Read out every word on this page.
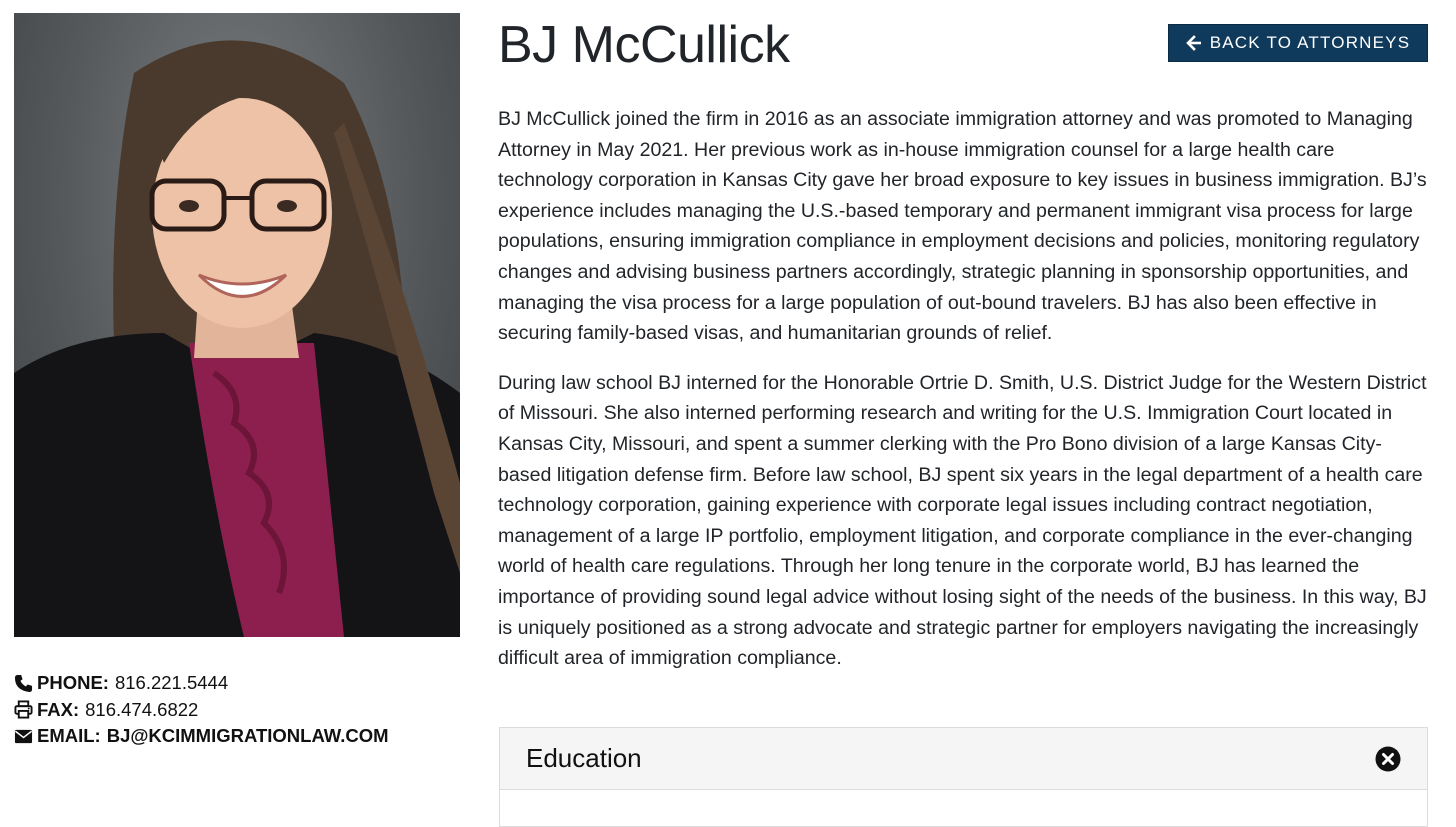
PHONE: 816.221.5444
FAX: 816.474.6822
EMAIL: BJ@KCIMMIGRATIONLAW.COM
BJ McCullick	BACK TO ATTORNEYS

BJ McCullick joined the firm in 2016 as an associate immigration attorney and was promoted to Managing Attorney in May 2021. Her previous work as in-house immigration counsel for a large health care technology corporation in Kansas City gave her broad exposure to key issues in business immigration. BJ’s experience includes managing the U.S.-based temporary and permanent immigrant visa process for large populations, ensuring immigration compliance in employment decisions and policies, monitoring regulatory changes and advising business partners accordingly, strategic planning in sponsorship opportunities, and managing the visa process for a large population of out-bound travelers. BJ has also been effective in securing family-based visas, and humanitarian grounds of relief.

During law school BJ interned for the Honorable Ortrie D. Smith, U.S. District Judge for the Western District of Missouri. She also interned performing research and writing for the U.S. Immigration Court located in Kansas City, Missouri, and spent a summer clerking with the Pro Bono division of a large Kansas City-based litigation defense firm. Before law school, BJ spent six years in the legal department of a health care technology corporation, gaining experience with corporate legal issues including contract negotiation, management of a large IP portfolio, employment litigation, and corporate compliance in the ever-changing world of health care regulations. Through her long tenure in the corporate world, BJ has learned the importance of providing sound legal advice without losing sight of the needs of the business. In this way, BJ is uniquely positioned as a strong advocate and strategic partner for employers navigating the increasingly difficult area of immigration compliance.

Education
